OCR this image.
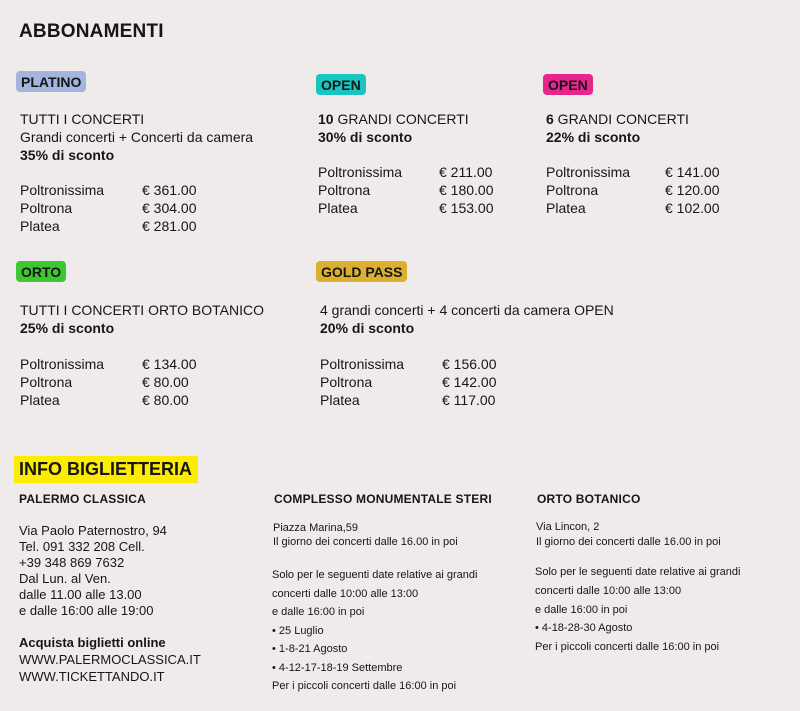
ABBONAMENTI
PLATINO
TUTTI I CONCERTI
Grandi concerti + Concerti da camera
35% di sconto
Poltronissima	€ 361.00
Poltrona	€ 304.00
Platea	€ 281.00
OPEN
10 GRANDI CONCERTI
30% di sconto
Poltronissima	€ 211.00
Poltrona	€ 180.00
Platea	€ 153.00
OPEN
6 GRANDI CONCERTI
22% di sconto
Poltronissima	€ 141.00
Poltrona	€ 120.00
Platea	€ 102.00
ORTO
TUTTI I CONCERTI ORTO BOTANICO
25% di sconto
Poltronissima	€ 134.00
Poltrona	€ 80.00
Platea	€ 80.00
GOLD PASS
4 grandi concerti + 4 concerti da camera OPEN
20% di sconto
Poltronissima	€ 156.00
Poltrona	€ 142.00
Platea	€ 117.00
INFO BIGLIETTERIA
PALERMO CLASSICA
Via Paolo Paternostro, 94
Tel. 091 332 208 Cell.
+39 348 869 7632
Dal Lun. al Ven.
dalle 11.00 alle 13.00
e dalle 16:00 alle 19:00
Acquista biglietti online
WWW.PALERMOCLASSICA.IT
WWW.TICKETTANDO.IT
COMPLESSO MONUMENTALE STERI
Piazza Marina,59
Il giorno dei concerti dalle 16.00 in poi
Solo per le seguenti date relative ai grandi
concerti dalle 10:00 alle 13:00
e dalle 16:00 in poi
• 25 Luglio
• 1-8-21 Agosto
• 4-12-17-18-19 Settembre
Per i piccoli concerti dalle 16:00 in poi
ORTO BOTANICO
Via Lincon, 2
Il giorno dei concerti dalle 16.00 in poi
Solo per le seguenti date relative ai grandi
concerti dalle 10:00 alle 13:00
e dalle 16:00 in poi
• 4-18-28-30 Agosto
Per i piccoli concerti dalle 16:00 in poi
